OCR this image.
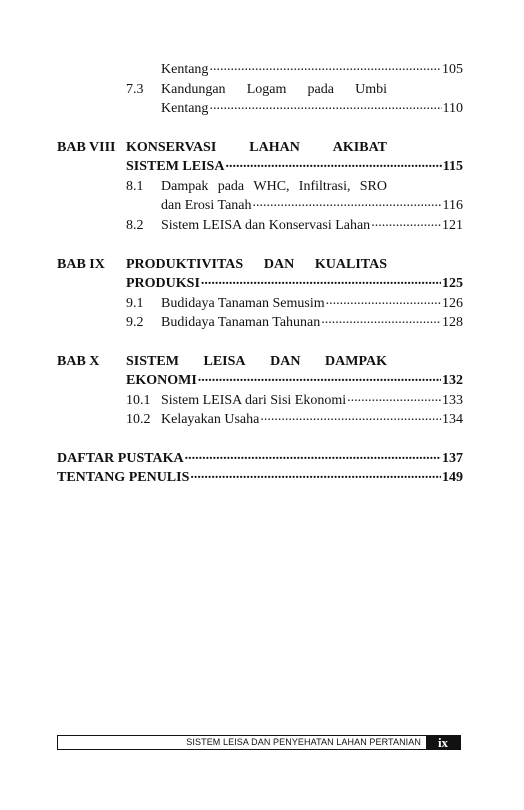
Kentang .....	105
7.3 Kandungan Logam pada Umbi
Kentang .....	110
BAB VIII KONSERVASI LAHAN AKIBAT
SISTEM LEISA .....	115
8.1 Dampak pada WHC, Infiltrasi, SRO
dan Erosi Tanah .....	116
8.2 Sistem LEISA dan Konservasi Lahan .....	121
BAB IX PRODUKTIVITAS DAN KUALITAS
PRODUKSI .....	125
9.1 Budidaya Tanaman Semusim .....	126
9.2 Budidaya Tanaman Tahunan .....	128
BAB X SISTEM LEISA DAN DAMPAK
EKONOMI .....	132
10.1 Sistem LEISA dari Sisi Ekonomi .....	133
10.2 Kelayakan Usaha .....	134
DAFTAR PUSTAKA .....	137
TENTANG PENULIS .....	149
SISTEM LEISA DAN PENYEHATAN LAHAN PERTANIAN	ix
